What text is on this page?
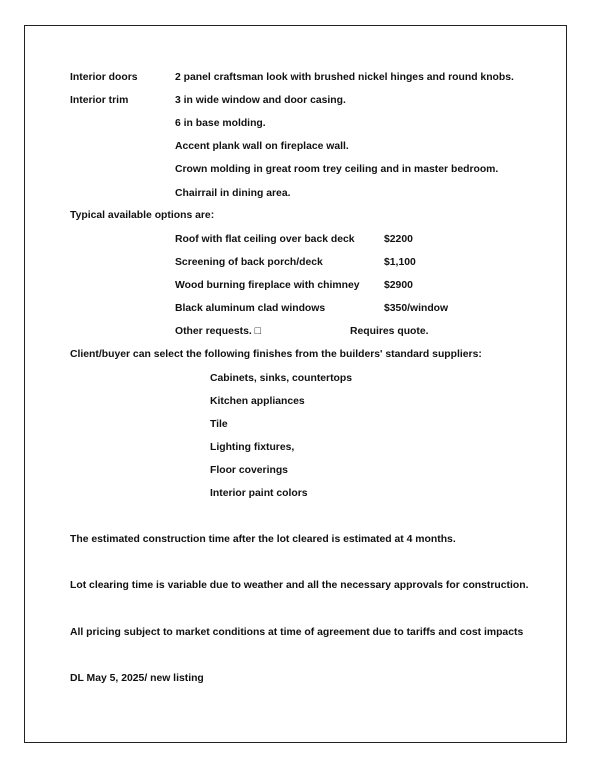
Interior doors	2 panel craftsman look with brushed nickel hinges and round knobs.
Interior trim	3 in wide window and door casing.
6 in base molding.
Accent plank wall on fireplace wall.
Crown molding in great room trey ceiling and in master bedroom.
Chairrail in dining area.
Typical available options are:
Roof with flat ceiling over back deck	$2200
Screening of back porch/deck	$1,100
Wood burning fireplace with chimney $2900
Black aluminum clad windows	$350/window
Other requests. □	Requires quote.
Client/buyer can select the following finishes from the builders' standard suppliers:
Cabinets, sinks, countertops
Kitchen appliances
Tile
Lighting fixtures,
Floor coverings
Interior paint colors
The estimated construction time after the lot cleared is estimated at 4 months.
Lot clearing time is variable due to weather and all the necessary approvals for construction.
All pricing subject to market conditions at time of agreement due to tariffs and cost impacts
DL May 5, 2025/ new listing
